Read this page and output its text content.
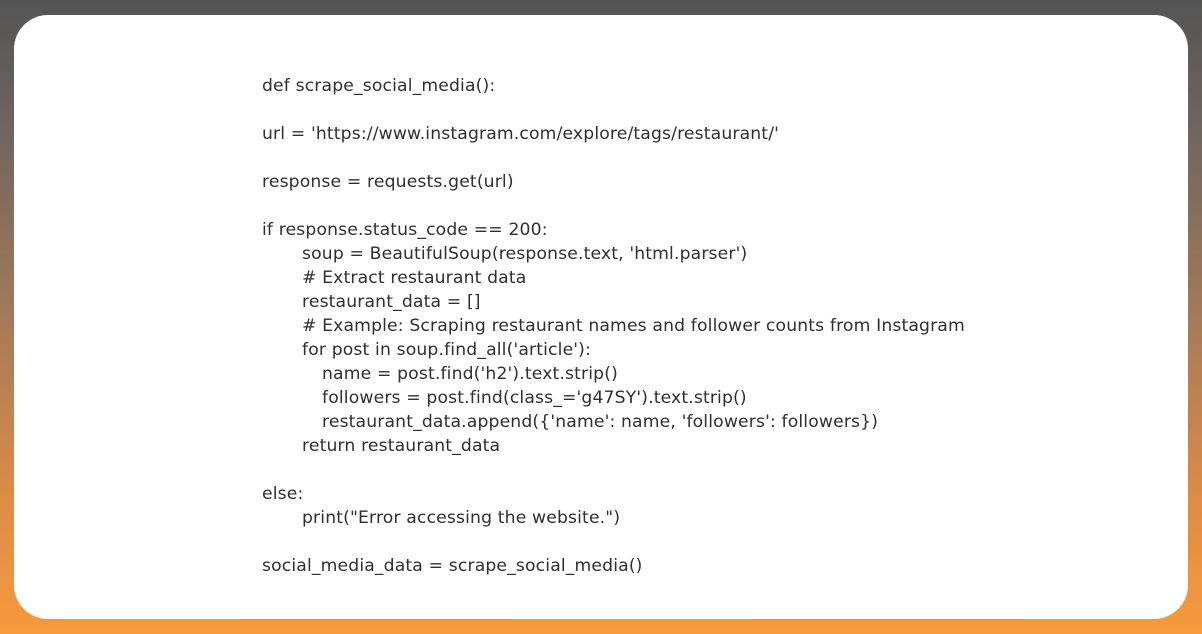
def scrape_social_media():
url = 'https://www.instagram.com/explore/tags/restaurant/'
response = requests.get(url)
if response.status_code == 200:
soup = BeautifulSoup(response.text, 'html.parser')
# Extract restaurant data
restaurant_data = []
# Example: Scraping restaurant names and follower counts from Instagram
for post in soup.find_all('article'):
name = post.find('h2').text.strip()
followers = post.find(class_='g47SY').text.strip()
restaurant_data.append({'name': name, 'followers': followers})
return restaurant_data
else:
print("Error accessing the website.")
social_media_data = scrape_social_media()
